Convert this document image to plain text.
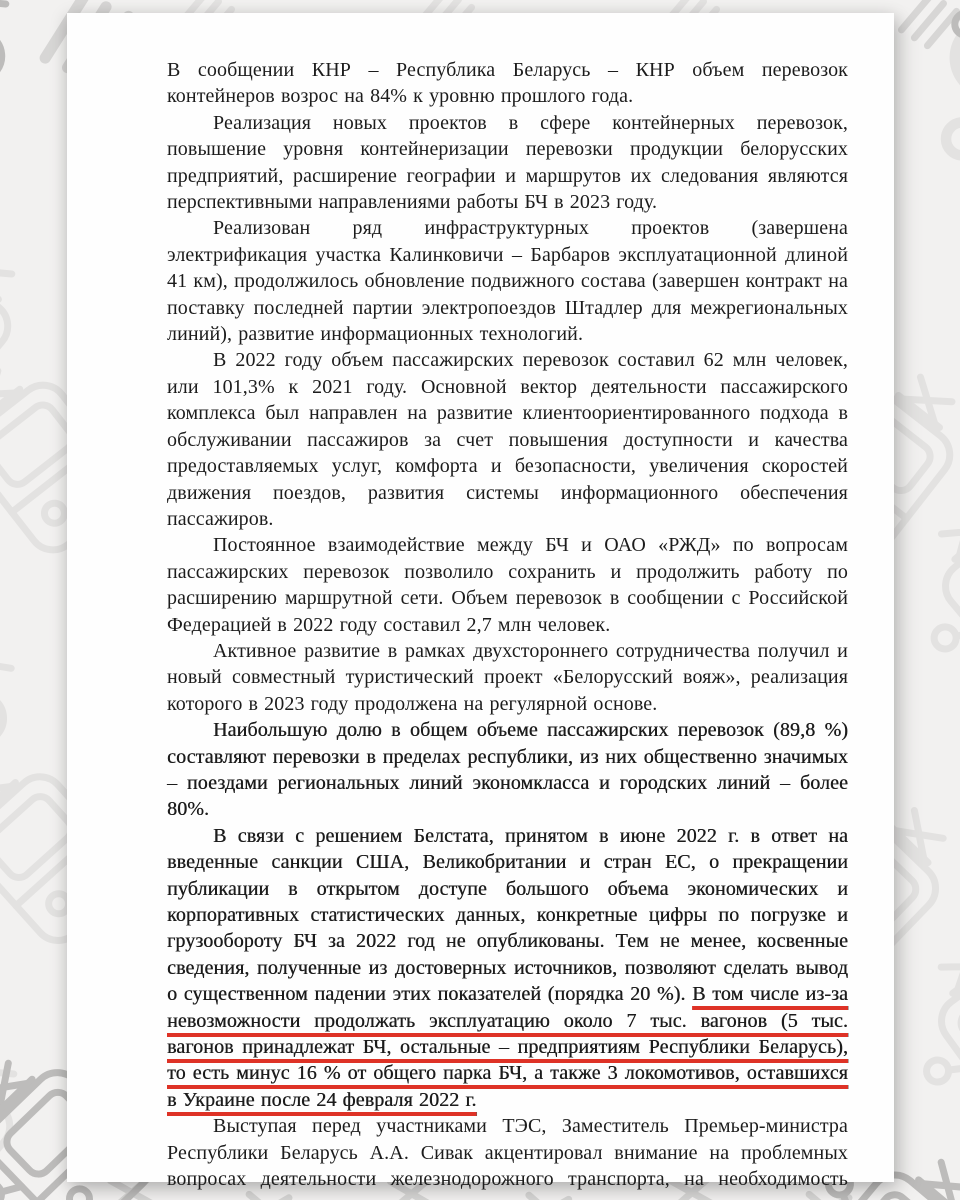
В сообщении КНР – Республика Беларусь – КНР объем перевозок контейнеров возрос на 84% к уровню прошлого года.

Реализация новых проектов в сфере контейнерных перевозок, повышение уровня контейнеризации перевозки продукции белорусских предприятий, расширение географии и маршрутов их следования являются перспективными направлениями работы БЧ в 2023 году.

Реализован ряд инфраструктурных проектов (завершена электрификация участка Калинковичи – Барбаров эксплуатационной длиной 41 км), продолжилось обновление подвижного состава (завершен контракт на поставку последней партии электропоездов Штадлер для межрегиональных линий), развитие информационных технологий.

В 2022 году объем пассажирских перевозок составил 62 млн человек, или 101,3% к 2021 году. Основной вектор деятельности пассажирского комплекса был направлен на развитие клиентоориентированного подхода в обслуживании пассажиров за счет повышения доступности и качества предоставляемых услуг, комфорта и безопасности, увеличения скоростей движения поездов, развития системы информационного обеспечения пассажиров.

Постоянное взаимодействие между БЧ и ОАО «РЖД» по вопросам пассажирских перевозок позволило сохранить и продолжить работу по расширению маршрутной сети. Объем перевозок в сообщении с Российской Федерацией в 2022 году составил 2,7 млн человек.

Активное развитие в рамках двухстороннего сотрудничества получил и новый совместный туристический проект «Белорусский вояж», реализация которого в 2023 году продолжена на регулярной основе.

Наибольшую долю в общем объеме пассажирских перевозок (89,8 %) составляют перевозки в пределах республики, из них общественно значимых – поездами региональных линий экономкласса и городских линий – более 80%.

В связи с решением Белстата, принятом в июне 2022 г. в ответ на введенные санкции США, Великобритании и стран ЕС, о прекращении публикации в открытом доступе большого объема экономических и корпоративных статистических данных, конкретные цифры по погрузке и грузообороту БЧ за 2022 год не опубликованы. Тем не менее, косвенные сведения, полученные из достоверных источников, позволяют сделать вывод о существенном падении этих показателей (порядка 20 %). В том числе из-за невозможности продолжать эксплуатацию около 7 тыс. вагонов (5 тыс. вагонов принадлежат БЧ, остальные – предприятиям Республики Беларусь), то есть минус 16 % от общего парка БЧ, а также 3 локомотивов, оставшихся в Украине после 24 февраля 2022 г.

Выступая перед участниками ТЭС, Заместитель Премьер-министра Республики Беларусь А.А. Сивак акцентировал внимание на проблемных вопросах деятельности железнодорожного транспорта, на необходимость
